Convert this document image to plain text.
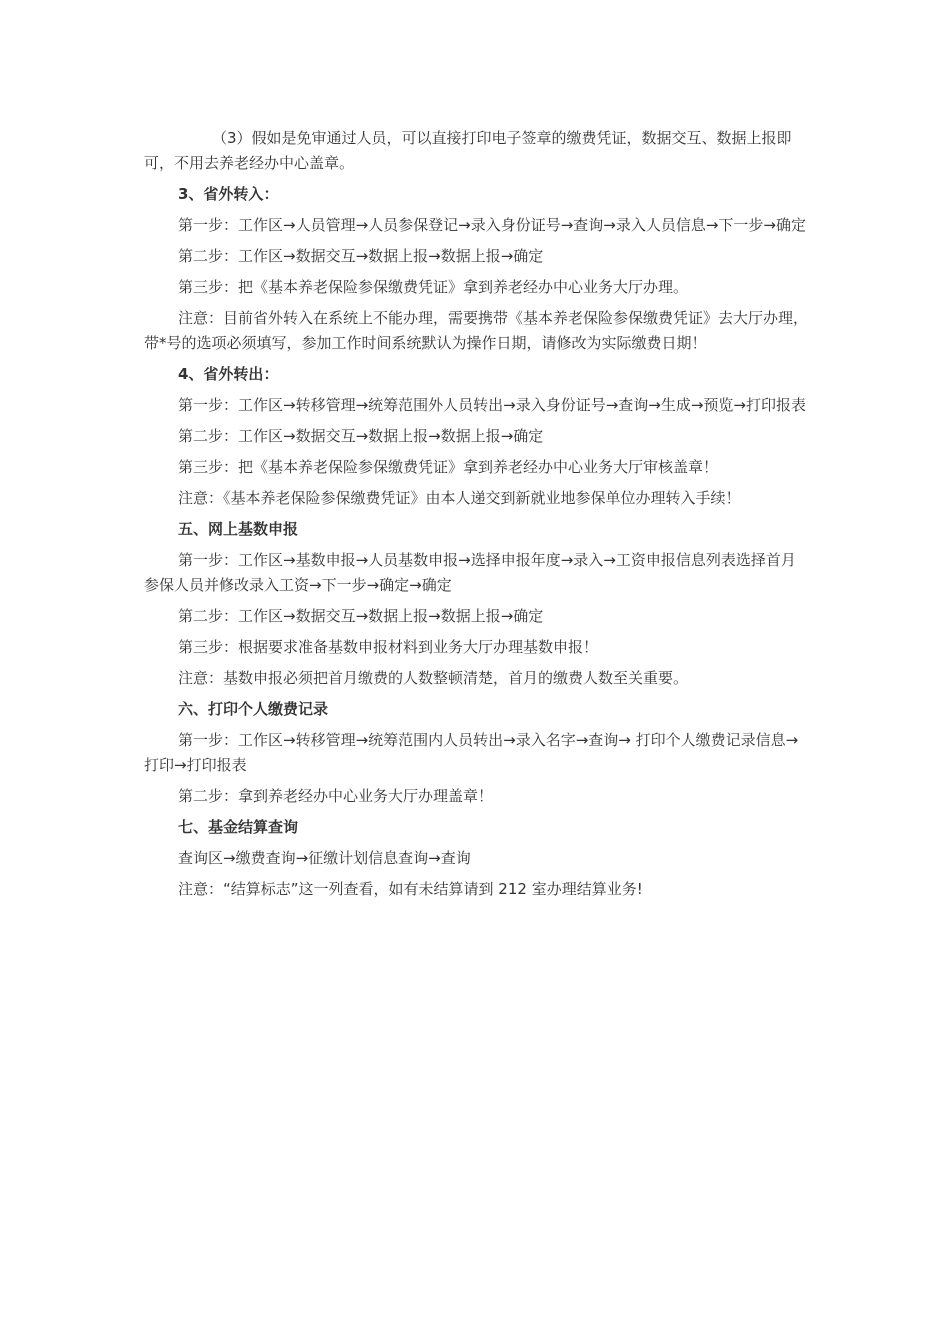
（3）假如是免审通过人员，可以直接打印电子签章的缴费凭证，数据交互、数据上报即可，不用去养老经办中心盖章。

3、省外转入：

第一步：工作区→人员管理→人员参保登记→录入身份证号→查询→录入人员信息→下一步→确定

第二步：工作区→数据交互→数据上报→数据上报→确定

第三步：把《基本养老保险参保缴费凭证》拿到养老经办中心业务大厅办理。

注意：目前省外转入在系统上不能办理，需要携带《基本养老保险参保缴费凭证》去大厅办理，带*号的选项必须填写，参加工作时间系统默认为操作日期，请修改为实际缴费日期！

4、省外转出：

第一步：工作区→转移管理→统筹范围外人员转出→录入身份证号→查询→生成→预览→打印报表

第二步：工作区→数据交互→数据上报→数据上报→确定

第三步：把《基本养老保险参保缴费凭证》拿到养老经办中心业务大厅审核盖章！

注意：《基本养老保险参保缴费凭证》由本人递交到新就业地参保单位办理转入手续！

五、网上基数申报

第一步：工作区→基数申报→人员基数申报→选择申报年度→录入→工资申报信息列表选择首月参保人员并修改录入工资→下一步→确定→确定

第二步：工作区→数据交互→数据上报→数据上报→确定

第三步：根据要求准备基数申报材料到业务大厅办理基数申报！

注意：基数申报必须把首月缴费的人数整顿清楚，首月的缴费人数至关重要。

六、打印个人缴费记录

第一步：工作区→转移管理→统筹范围内人员转出→录入名字→查询→ 打印个人缴费记录信息→打印→打印报表

第二步：拿到养老经办中心业务大厅办理盖章！

七、基金结算查询

查询区→缴费查询→征缴计划信息查询→查询

注意：“结算标志”这一列查看，如有未结算请到 212 室办理结算业务!
